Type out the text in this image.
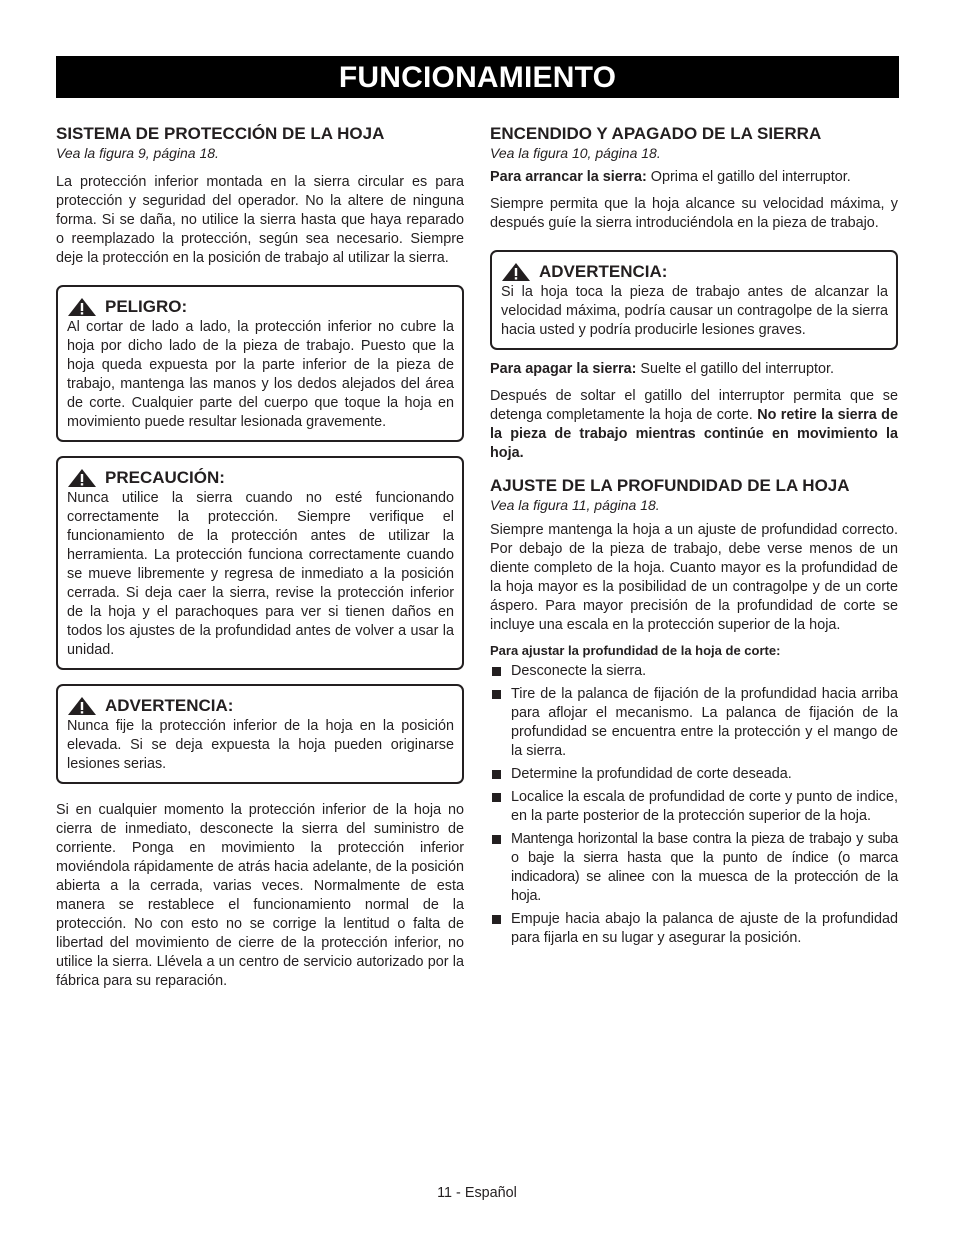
FUNCIONAMIENTO
SISTEMA DE PROTECCIÓN DE LA HOJA
Vea la figura 9, página 18.

La protección inferior montada en la sierra circular es para protección y seguridad del operador. No la altere de ninguna forma. Si se daña, no utilice la sierra hasta que haya reparado o reemplazado la protección, según sea necesario. Siempre deje la protección en la posición de trabajo al utilizar la sierra.

PELIGRO:

Al cortar de lado a lado, la protección inferior no cubre la hoja por dicho lado de la pieza de trabajo. Puesto que la hoja queda expuesta por la parte inferior de la pieza de trabajo, mantenga las manos y los dedos alejados del área de corte. Cualquier parte del cuerpo que toque la hoja en movimiento puede resultar lesionada gravemente.

PRECAUCIÓN:

Nunca utilice la sierra cuando no esté funcionando correctamente la protección. Siempre verifique el funcionamiento de la protección antes de utilizar la herramienta. La protección funciona correctamente cuando se mueve libremente y regresa de inmediato a la posición cerrada. Si deja caer la sierra, revise la protección inferior de la hoja y el parachoques para ver si tienen daños en todos los ajustes de la profundidad antes de volver a usar la unidad.

ADVERTENCIA:

Nunca fije la protección inferior de la hoja en la posición elevada. Si se deja expuesta la hoja pueden originarse lesiones serias.

Si en cualquier momento la protección inferior de la hoja no cierra de inmediato, desconecte la sierra del suministro de corriente. Ponga en movimiento la protección inferior moviéndola rápidamente de atrás hacia adelante, de la posición abierta a la cerrada, varias veces. Normalmente de esta manera se restablece el funcionamiento normal de la protección. No con esto no se corrige la lentitud o falta de libertad del movimiento de cierre de la protección inferior, no utilice la sierra. Llévela a un centro de servicio autorizado por la fábrica para su reparación.

ENCENDIDO Y APAGADO DE LA SIERRA
Vea la figura 10, página 18.

Para arrancar la sierra: Oprima el gatillo del interruptor.

Siempre permita que la hoja alcance su velocidad máxima, y después guíe la sierra introduciéndola en la pieza de trabajo.

ADVERTENCIA:

Si la hoja toca la pieza de trabajo antes de alcanzar la velocidad máxima, podría causar un contragolpe de la sierra hacia usted y podría producirle lesiones graves.

Para apagar la sierra: Suelte el gatillo del interruptor.

Después de soltar el gatillo del interruptor permita que se detenga completamente la hoja de corte. No retire la sierra de la pieza de trabajo mientras continúe en movimiento la hoja.

AJUSTE DE LA PROFUNDIDAD DE LA HOJA
Vea la figura 11, página 18.

Siempre mantenga la hoja a un ajuste de profundidad correcto. Por debajo de la pieza de trabajo, debe verse menos de un diente completo de la hoja. Cuanto mayor es la profundidad de la hoja mayor es la posibilidad de un contragolpe y de un corte áspero. Para mayor precisión de la profundidad de corte se incluye una escala en la protección superior de la hoja.

Para ajustar la profundidad de la hoja de corte:
Desconecte la sierra.
Tire de la palanca de fijación de la profundidad hacia arriba para aflojar el mecanismo. La palanca de fijación de la profundidad se encuentra entre la protección y el mango de la sierra.
Determine la profundidad de corte deseada.
Localice la escala de profundidad de corte y punto de indice, en la parte posterior de la protección superior de la hoja.
Mantenga horizontal la base contra la pieza de trabajo y suba o baje la sierra hasta que la punto de índice (o marca indicadora) se alinee con la muesca de la protección de la hoja.
Empuje hacia abajo la palanca de ajuste de la profundidad para fijarla en su lugar y asegurar la posición.
11 - Español
